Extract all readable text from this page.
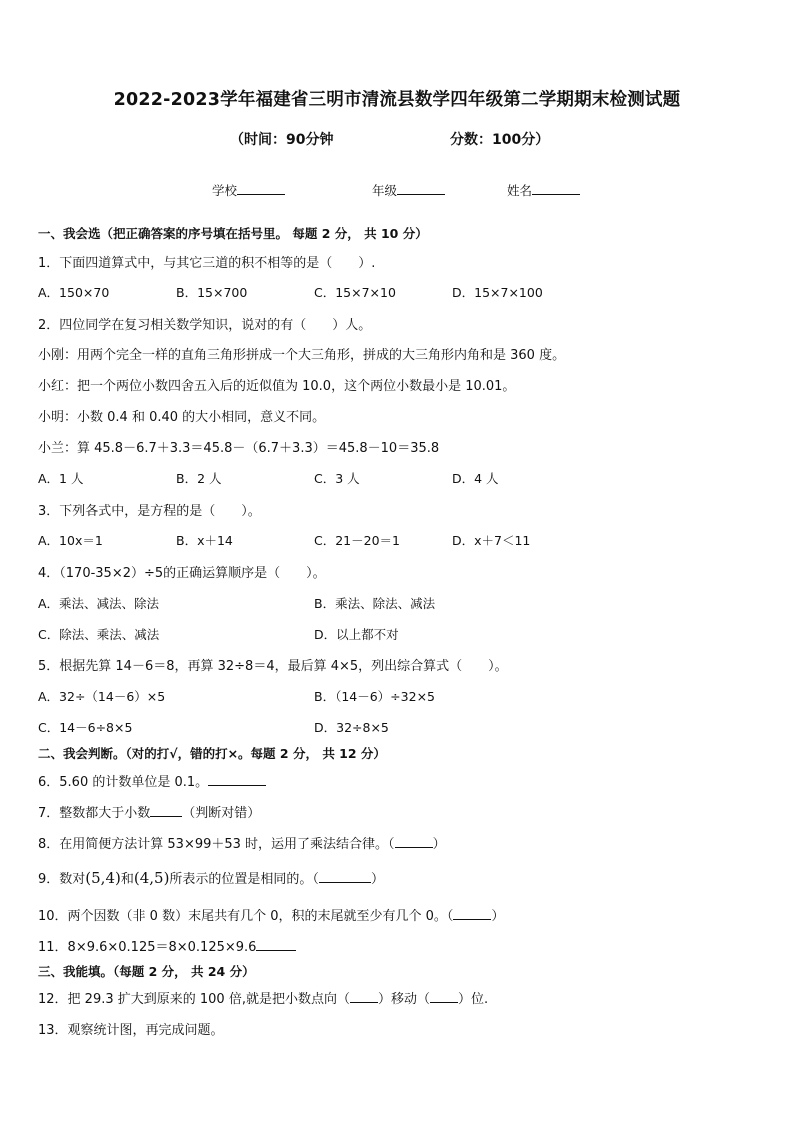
2022-2023学年福建省三明市清流县数学四年级第二学期期末检测试题
（时间：90分钟	分数：100分）
学校	年级	姓名
一、我会选（把正确答案的序号填在括号里。 每题 2 分， 共 10 分）
1．下面四道算式中，与其它三道的积不相等的是（　　）.
A．150×70	B．15×700	C．15×7×10	D．15×7×100
2．四位同学在复习相关数学知识，说对的有（　　）人。
小刚：用两个完全一样的直角三角形拼成一个大三角形，拼成的大三角形内角和是 360 度。
小红：把一个两位小数四舍五入后的近似值为 10.0，这个两位小数最小是 10.01。
小明：小数 0.4 和 0.40 的大小相同，意义不同。
小兰：算 45.8－6.7＋3.3＝45.8－（6.7＋3.3）＝45.8－10＝35.8
A．1 人	B．2 人	C．3 人	D．4 人
3．下列各式中，是方程的是（　　）。
A．10x＝1	B．x＋14	C．21－20＝1	D．x＋7＜11
4．（170-35×2）÷5的正确运算顺序是（　　）。
A．乘法、减法、除法	B．乘法、除法、减法
C．除法、乘法、减法	D．以上都不对
5．根据先算 14－6＝8，再算 32÷8＝4，最后算 4×5，列出综合算式（　　）。
A．32÷（14－6）×5	B．（14－6）÷32×5
C．14－6÷8×5	D．32÷8×5
二、我会判断。（对的打√，错的打×。每题 2 分， 共 12 分）
6．5.60 的计数单位是 0.1。
7．整数都大于小数 （判断对错）
8．在用简便方法计算 53×99＋53 时，运用了乘法结合律。（	）
9．数对(5,4)和(4,5)所表示的位置是相同的。（	）
10．两个因数（非 0 数）末尾共有几个 0，积的末尾就至少有几个 0。（	）
11．8×9.6×0.125＝8×0.125×9.6
三、我能填。（每题 2 分， 共 24 分）
12．把 29.3 扩大到原来的 100 倍,就是把小数点向（ ）移动（ ）位.
13．观察统计图，再完成问题。
